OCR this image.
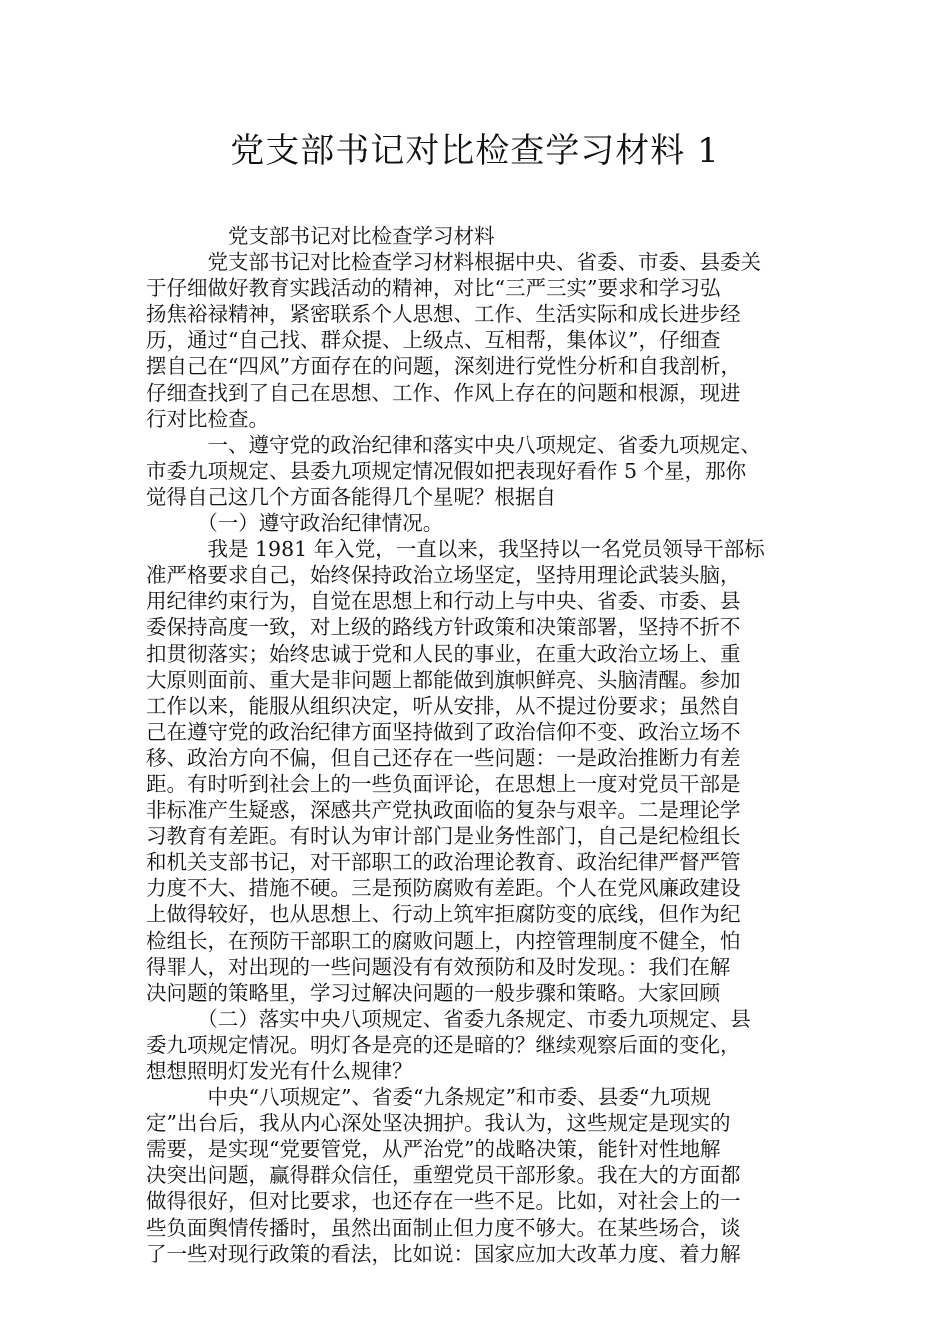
党支部书记对比检查学习材料 1
　　　　党支部书记对比检查学习材料
　　　党支部书记对比检查学习材料根据中央、省委、市委、县委关
于仔细做好教育实践活动的精神，对比“三严三实”要求和学习弘
扬焦裕禄精神，紧密联系个人思想、工作、生活实际和成长进步经
历，通过“自己找、群众提、上级点、互相帮，集体议”，仔细查
摆自己在“四风”方面存在的问题，深刻进行党性分析和自我剖析，
仔细查找到了自己在思想、工作、作风上存在的问题和根源，现进
行对比检查。
　　　一、遵守党的政治纪律和落实中央八项规定、省委九项规定、
市委九项规定、县委九项规定情况假如把表现好看作 5 个星，那你
觉得自己这几个方面各能得几个星呢？根据自
　　　（一）遵守政治纪律情况。
　　　我是 1981 年入党，一直以来，我坚持以一名党员领导干部标
准严格要求自己，始终保持政治立场坚定，坚持用理论武装头脑，
用纪律约束行为，自觉在思想上和行动上与中央、省委、市委、县
委保持高度一致，对上级的路线方针政策和决策部署，坚持不折不
扣贯彻落实；始终忠诚于党和人民的事业，在重大政治立场上、重
大原则面前、重大是非问题上都能做到旗帜鲜亮、头脑清醒。参加
工作以来，能服从组织决定，听从安排，从不提过份要求；虽然自
己在遵守党的政治纪律方面坚持做到了政治信仰不变、政治立场不
移、政治方向不偏，但自己还存在一些问题：一是政治推断力有差
距。有时听到社会上的一些负面评论，在思想上一度对党员干部是
非标准产生疑惑，深感共产党执政面临的复杂与艰辛。二是理论学
习教育有差距。有时认为审计部门是业务性部门，自己是纪检组长
和机关支部书记，对干部职工的政治理论教育、政治纪律严督严管
力度不大、措施不硬。三是预防腐败有差距。个人在党风廉政建设
上做得较好，也从思想上、行动上筑牢拒腐防变的底线，但作为纪
检组长，在预防干部职工的腐败问题上，内控管理制度不健全，怕
得罪人，对出现的一些问题没有有效预防和及时发现。：我们在解
决问题的策略里，学习过解决问题的一般步骤和策略。大家回顾
　　　（二）落实中央八项规定、省委九条规定、市委九项规定、县
委九项规定情况。明灯各是亮的还是暗的？继续观察后面的变化，
想想照明灯发光有什么规律？
　　　中央“八项规定”、省委“九条规定”和市委、县委“九项规
定”出台后，我从内心深处坚决拥护。我认为，这些规定是现实的
需要，是实现“党要管党，从严治党”的战略决策，能针对性地解
决突出问题，赢得群众信任，重塑党员干部形象。我在大的方面都
做得很好，但对比要求，也还存在一些不足。比如，对社会上的一
些负面舆情传播时，虽然出面制止但力度不够大。在某些场合，谈
了一些对现行政策的看法，比如说：国家应加大改革力度、着力解
